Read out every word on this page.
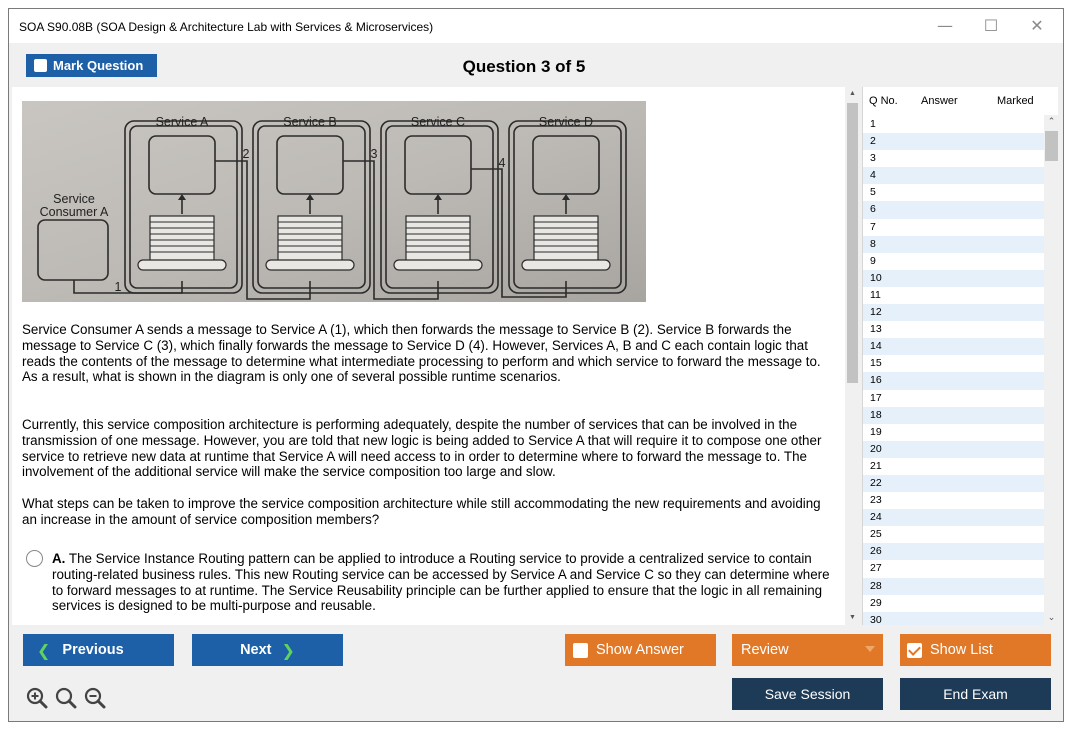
SOA S90.08B (SOA Design & Architecture Lab with Services & Microservices)	—	☐	✕
Mark Question	Question 3 of 5
Service A	Service B	Service C	Service D
Service
Consumer A
1
2	3
4
Service Consumer A sends a message to Service A (1), which then forwards the message to Service B (2). Service B forwards the message to Service C (3), which finally forwards the message to Service D (4). However, Services A, B and C each contain logic that reads the contents of the message to determine what intermediate processing to perform and which service to forward the message to. As a result, what is shown in the diagram is only one of several possible runtime scenarios.
Currently, this service composition architecture is performing adequately, despite the number of services that can be involved in the transmission of one message. However, you are told that new logic is being added to Service A that will require it to compose one other service to retrieve new data at runtime that Service A will need access to in order to determine where to forward the message to. The involvement of the additional service will make the service composition too large and slow.
What steps can be taken to improve the service composition architecture while still accommodating the new requirements and avoiding an increase in the amount of service composition members?
A. The Service Instance Routing pattern can be applied to introduce a Routing service to provide a centralized service to contain routing-related business rules. This new Routing service can be accessed by Service A and Service C so they can determine where to forward messages to at runtime. The Service Reusability principle can be further applied to ensure that the logic in all remaining services is designed to be multi-purpose and reusable.
▲
▼
Q No. Answer	Marked
1
2
3
4
5
6
7
8
9
10
11
12
13
14
15
16
17
18
19
20
21
22
23
24
25
26
27
28
29
30
⌃
⌄
❮ Previous	Next ❯	Show Answer	Review	Show List
Save Session	End Exam
